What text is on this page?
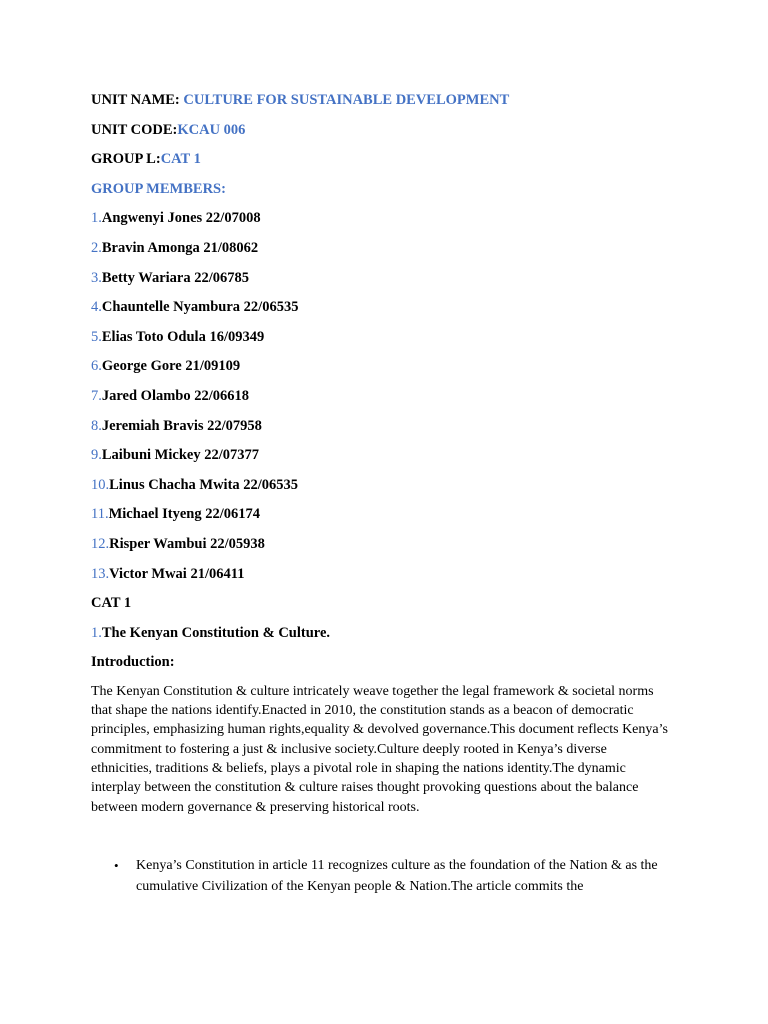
UNIT NAME: CULTURE FOR SUSTAINABLE DEVELOPMENT
UNIT CODE:KCAU 006
GROUP L:CAT 1
GROUP MEMBERS:
1.Angwenyi Jones 22/07008
2.Bravin Amonga 21/08062
3.Betty Wariara 22/06785
4.Chauntelle Nyambura 22/06535
5.Elias Toto Odula 16/09349
6.George Gore 21/09109
7.Jared Olambo 22/06618
8.Jeremiah Bravis 22/07958
9.Laibuni Mickey 22/07377
10.Linus Chacha Mwita 22/06535
11.Michael Ityeng 22/06174
12.Risper Wambui 22/05938
13.Victor Mwai 21/06411
CAT 1
1.The Kenyan Constitution & Culture.
Introduction:

The Kenyan Constitution & culture intricately weave together the legal framework & societal norms that shape the nations identify.Enacted in 2010, the constitution stands as a beacon of democratic principles, emphasizing human rights,equality & devolved governance.This document reflects Kenya’s commitment to fostering a just & inclusive society.Culture deeply rooted in Kenya’s diverse ethnicities, traditions & beliefs, plays a pivotal role in shaping the nations identity.The dynamic interplay between the constitution & culture raises thought provoking questions about the balance between modern governance & preserving historical roots.

• Kenya’s Constitution in article 11 recognizes culture as the foundation of the Nation & as the cumulative Civilization of the Kenyan people & Nation.The article commits the
